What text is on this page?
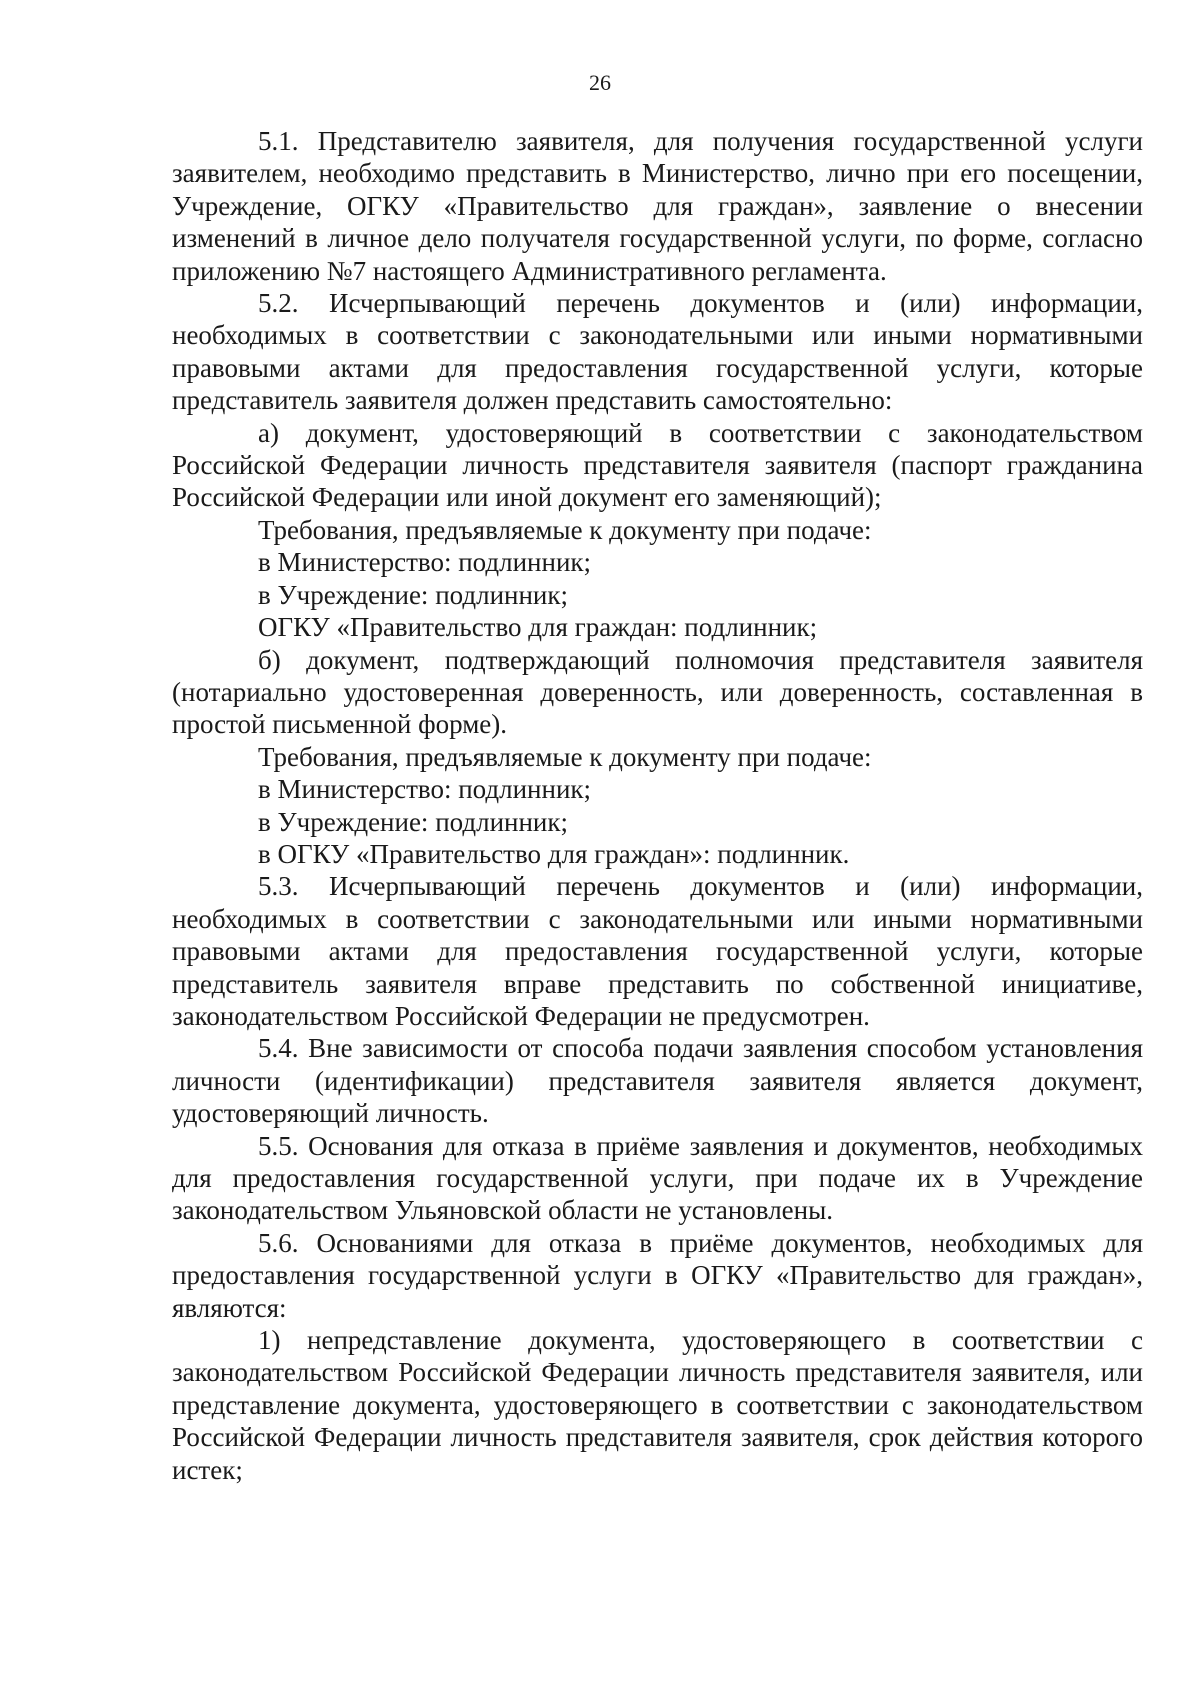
26

5.1. Представителю заявителя, для получения государственной услуги заявителем, необходимо представить в Министерство, лично при его посещении, Учреждение, ОГКУ «Правительство для граждан», заявление о внесении изменений в личное дело получателя государственной услуги, по форме, согласно приложению №7 настоящего Административного регламента.

5.2. Исчерпывающий перечень документов и (или) информации, необходимых в соответствии с законодательными или иными нормативными правовыми актами для предоставления государственной услуги, которые представитель заявителя должен представить самостоятельно:

а) документ, удостоверяющий в соответствии с законодательством Российской Федерации личность представителя заявителя (паспорт гражданина Российской Федерации или иной документ его заменяющий);

Требования, предъявляемые к документу при подаче:

в Министерство: подлинник;

в Учреждение: подлинник;

ОГКУ «Правительство для граждан: подлинник;

б) документ, подтверждающий полномочия представителя заявителя (нотариально удостоверенная доверенность, или доверенность, составленная в простой письменной форме).

Требования, предъявляемые к документу при подаче:

в Министерство: подлинник;

в Учреждение: подлинник;

в ОГКУ «Правительство для граждан»: подлинник.

5.3. Исчерпывающий перечень документов и (или) информации, необходимых в соответствии с законодательными или иными нормативными правовыми актами для предоставления государственной услуги, которые представитель заявителя вправе представить по собственной инициативе, законодательством Российской Федерации не предусмотрен.

5.4. Вне зависимости от способа подачи заявления способом установления личности (идентификации) представителя заявителя является документ, удостоверяющий личность.

5.5. Основания для отказа в приёме заявления и документов, необходимых для предоставления государственной услуги, при подаче их в Учреждение законодательством Ульяновской области не установлены.

5.6. Основаниями для отказа в приёме документов, необходимых для предоставления государственной услуги в ОГКУ «Правительство для граждан», являются:

1) непредставление документа, удостоверяющего в соответствии с законодательством Российской Федерации личность представителя заявителя, или представление документа, удостоверяющего в соответствии с законодательством Российской Федерации личность представителя заявителя, срок действия которого истек;
